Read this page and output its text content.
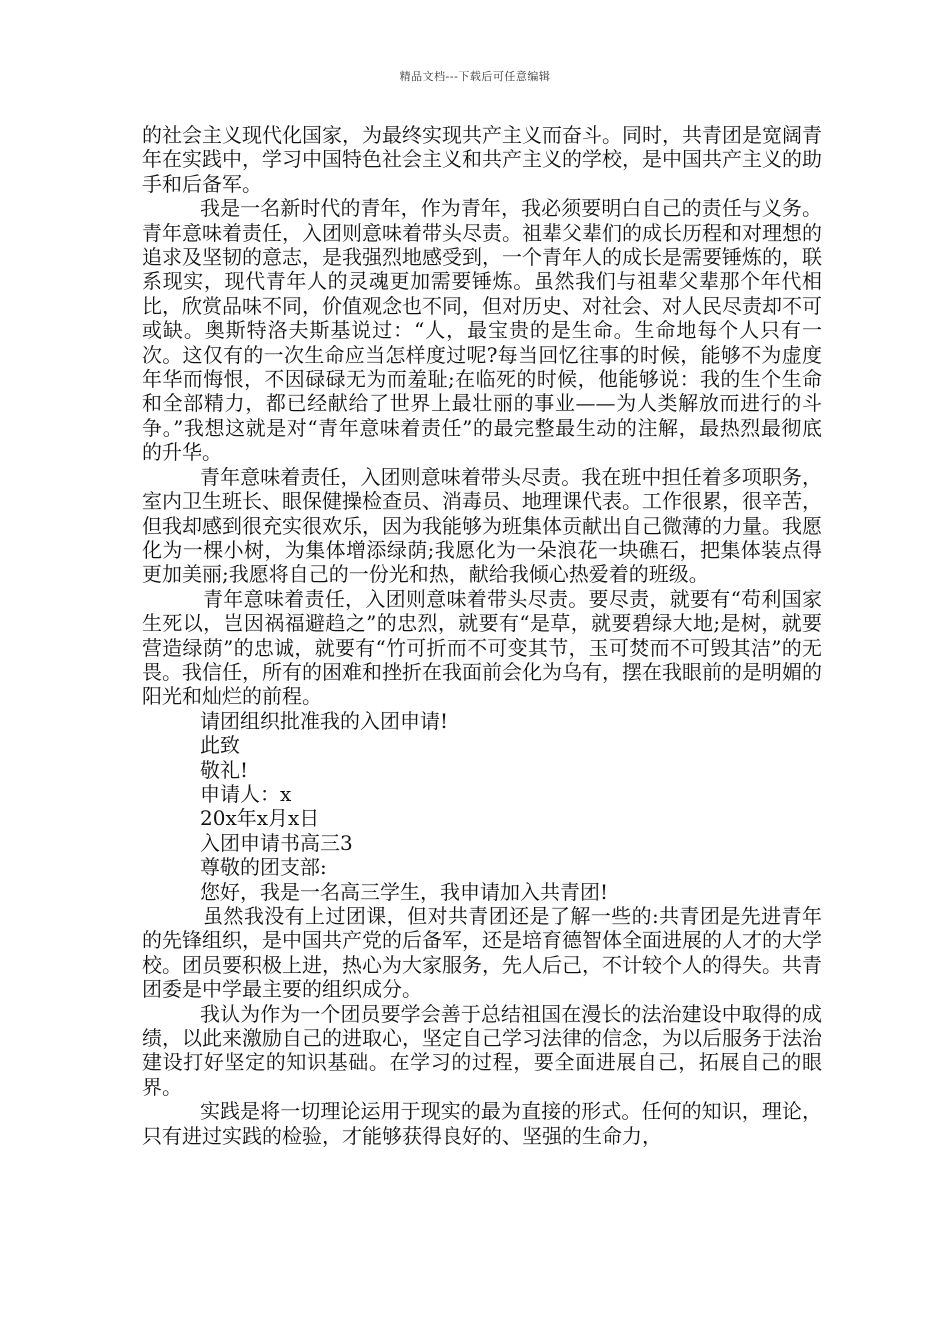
精品文档---下载后可任意编辑

的社会主义现代化国家，为最终实现共产主义而奋斗。同时，共青团是宽阔青年在实践中，学习中国特色社会主义和共产主义的学校，是中国共产主义的助手和后备军。

我是一名新时代的青年，作为青年，我必须要明白自己的责任与义务。青年意味着责任，入团则意味着带头尽责。祖辈父辈们的成长历程和对理想的追求及坚韧的意志，是我强烈地感受到，一个青年人的成长是需要锤炼的，联系现实，现代青年人的灵魂更加需要锤炼。虽然我们与祖辈父辈那个年代相比，欣赏品味不同，价值观念也不同，但对历史、对社会、对人民尽责却不可或缺。奥斯特洛夫斯基说过：“人，最宝贵的是生命。生命地每个人只有一次。这仅有的一次生命应当怎样度过呢?每当回忆往事的时候，能够不为虚度年华而悔恨，不因碌碌无为而羞耻;在临死的时候，他能够说：我的生个生命和全部精力，都已经献给了世界上最壮丽的事业——为人类解放而进行的斗争。”我想这就是对“青年意味着责任”的最完整最生动的注解，最热烈最彻底的升华。

青年意味着责任，入团则意味着带头尽责。我在班中担任着多项职务，室内卫生班长、眼保健操检查员、消毒员、地理课代表。工作很累，很辛苦，但我却感到很充实很欢乐，因为我能够为班集体贡献出自己微薄的力量。我愿化为一棵小树，为集体增添绿荫;我愿化为一朵浪花一块礁石，把集体装点得更加美丽;我愿将自己的一份光和热，献给我倾心热爱着的班级。

青年意味着责任，入团则意味着带头尽责。要尽责，就要有“苟利国家生死以，岂因祸福避趋之”的忠烈，就要有“是草，就要碧绿大地;是树，就要营造绿荫”的忠诚，就要有“竹可折而不可变其节，玉可焚而不可毁其洁”的无畏。我信任，所有的困难和挫折在我面前会化为乌有，摆在我眼前的是明媚的阳光和灿烂的前程。

请团组织批准我的入团申请!

此致

敬礼!

申请人：x

20x年x月x日

入团申请书高三3

尊敬的团支部:

您好，我是一名高三学生，我申请加入共青团!

虽然我没有上过团课，但对共青团还是了解一些的:共青团是先进青年的先锋组织，是中国共产党的后备军，还是培育德智体全面进展的人才的大学校。团员要积极上进，热心为大家服务，先人后己，不计较个人的得失。共青团委是中学最主要的组织成分。

我认为作为一个团员要学会善于总结祖国在漫长的法治建设中取得的成绩，以此来激励自己的进取心，坚定自己学习法律的信念，为以后服务于法治建设打好坚定的知识基础。在学习的过程，要全面进展自己，拓展自己的眼界。

实践是将一切理论运用于现实的最为直接的形式。任何的知识，理论，只有进过实践的检验，才能够获得良好的、坚强的生命力，
